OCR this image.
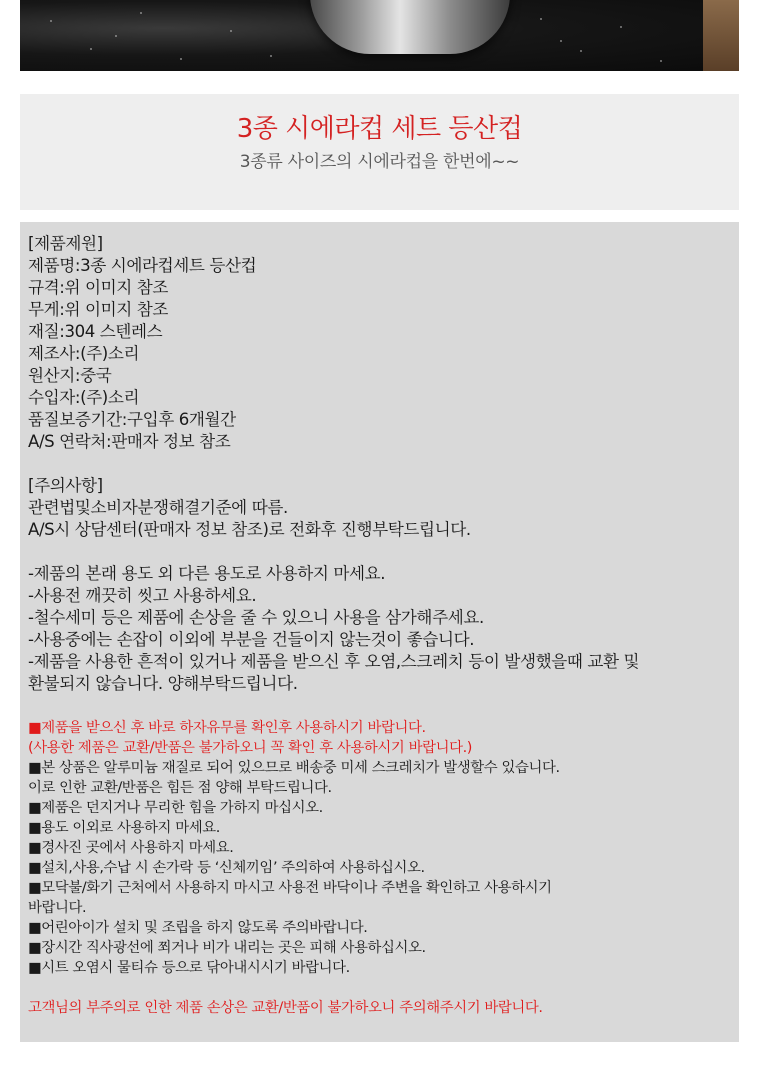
3종 시에라컵 세트 등산컵
3종류 사이즈의 시에라컵을 한번에~~
[제품제원]
제품명:3종 시에라컵세트 등산컵
규격:위 이미지 참조
무게:위 이미지 참조
재질:304 스텐레스
제조사:(주)소리
원산지:중국
수입자:(주)소리
품질보증기간:구입후 6개월간
A/S 연락처:판매자 정보 참조
[주의사항]
관련법및소비자분쟁해결기준에 따름.
A/S시 상담센터(판매자 정보 참조)로 전화후 진행부탁드립니다.
-제품의 본래 용도 외 다른 용도로 사용하지 마세요.
-사용전 깨끗히 씻고 사용하세요.
-철수세미 등은 제품에 손상을 줄 수 있으니 사용을 삼가해주세요.
-사용중에는 손잡이 이외에 부분을 건들이지 않는것이 좋습니다.
-제품을 사용한 흔적이 있거나 제품을 받으신 후 오염,스크레치 등이 발생했을때 교환 및
환불되지 않습니다. 양해부탁드립니다.
■제품을 받으신 후 바로 하자유무를 확인후 사용하시기 바랍니다.
(사용한 제품은 교환/반품은 불가하오니 꼭 확인 후 사용하시기 바랍니다.)
■본 상품은 알루미늄 재질로 되어 있으므로 배송중 미세 스크레치가 발생할수 있습니다.
이로 인한 교환/반품은 힘든 점 양해 부탁드립니다.
■제품은 던지거나 무리한 힘을 가하지 마십시오.
■용도 이외로 사용하지 마세요.
■경사진 곳에서 사용하지 마세요.
■설치,사용,수납 시 손가락 등 ‘신체끼임’ 주의하여 사용하십시오.
■모닥불/화기 근처에서 사용하지 마시고 사용전 바닥이나 주변을 확인하고 사용하시기
바랍니다.
■어린아이가 설치 및 조립을 하지 않도록 주의바랍니다.
■장시간 직사광선에 쬐거나 비가 내리는 곳은 피해 사용하십시오.
■시트 오염시 물티슈 등으로 닦아내시시기 바랍니다.
고객님의 부주의로 인한 제품 손상은 교환/반품이 불가하오니 주의해주시기 바랍니다.
